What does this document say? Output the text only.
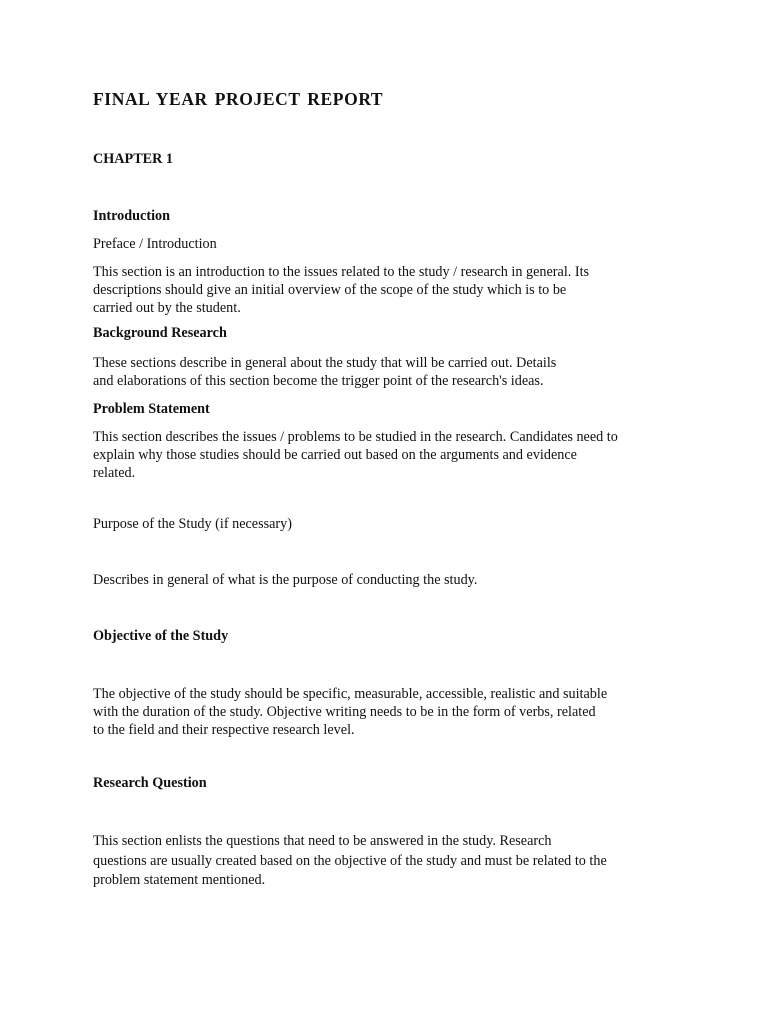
FINAL YEAR PROJECT REPORT
CHAPTER 1
Introduction
Preface / Introduction
This section is an introduction to the issues related to the study / research in general. Its
descriptions should give an initial overview of the scope of the study which is to be
carried out by the student.
Background Research
These sections describe in general about the study that will be carried out. Details
and elaborations of this section become the trigger point of the research's ideas.
Problem Statement
This section describes the issues / problems to be studied in the research. Candidates need to
explain why those studies should be carried out based on the arguments and evidence
related.
Purpose of the Study (if necessary)
Describes in general of what is the purpose of conducting the study.
Objective of the Study
The objective of the study should be specific, measurable, accessible, realistic and suitable
with the duration of the study. Objective writing needs to be in the form of verbs, related
to the field and their respective research level.
Research Question
This section enlists the questions that need to be answered in the study. Research
questions are usually created based on the objective of the study and must be related to the
problem statement mentioned.
